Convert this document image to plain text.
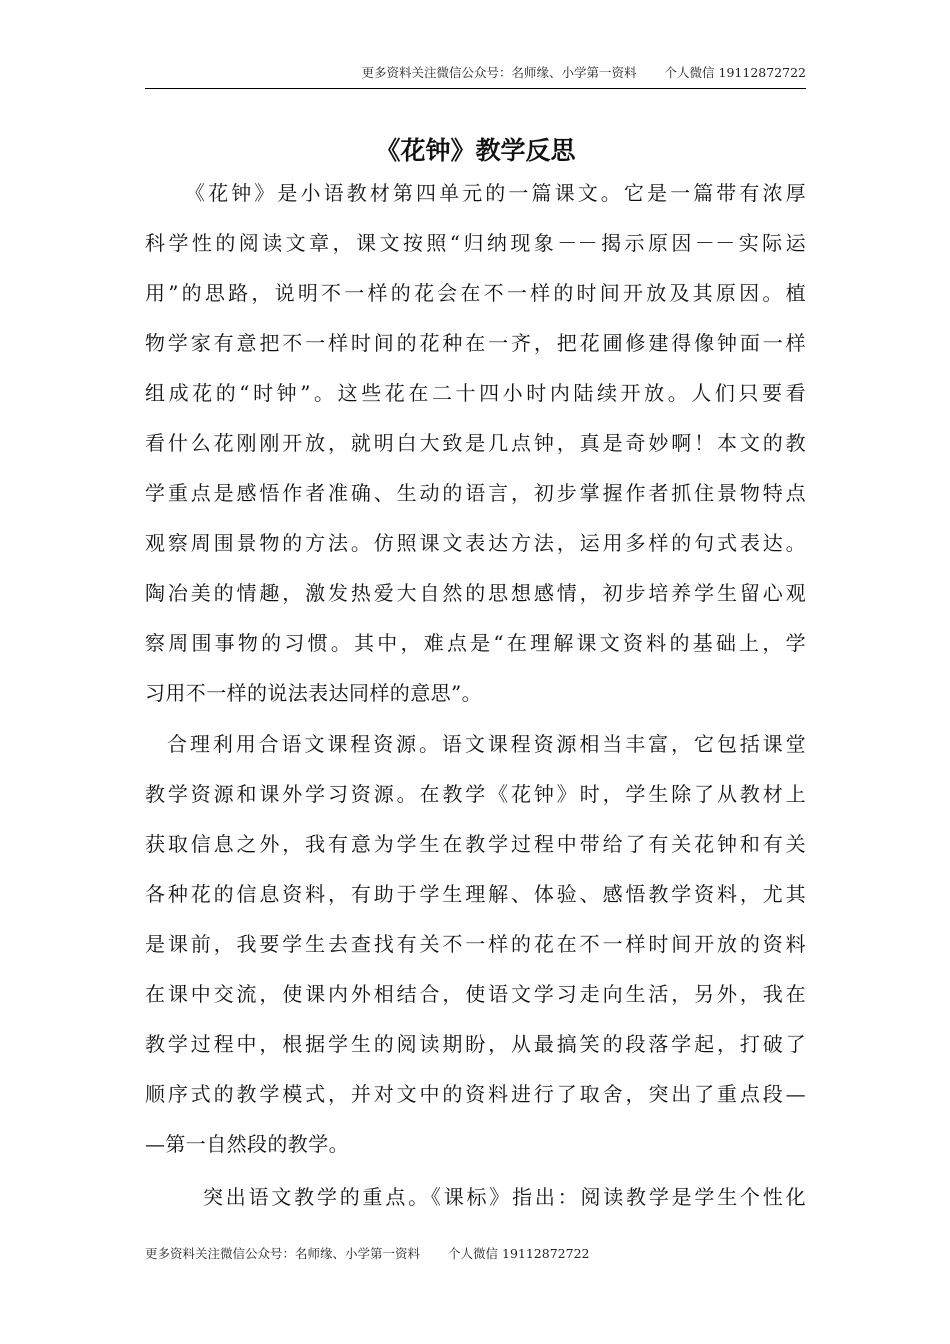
更多资料关注微信公众号：名师缘、小学第一资料 个人微信 19112872722
《花钟》教学反思
《花钟》是小语教材第四单元的一篇课文。它是一篇带有浓厚
科学性的阅读文章，课文按照“归纳现象－－揭示原因－－实际运
用”的思路，说明不一样的花会在不一样的时间开放及其原因。植
物学家有意把不一样时间的花种在一齐，把花圃修建得像钟面一样
组成花的“时钟”。这些花在二十四小时内陆续开放。人们只要看
看什么花刚刚开放，就明白大致是几点钟，真是奇妙啊！本文的教
学重点是感悟作者准确、生动的语言，初步掌握作者抓住景物特点
观察周围景物的方法。仿照课文表达方法，运用多样的句式表达。
陶冶美的情趣，激发热爱大自然的思想感情，初步培养学生留心观
察周围事物的习惯。其中，难点是“在理解课文资料的基础上，学
习用不一样的说法表达同样的意思”。
合理利用合语文课程资源。语文课程资源相当丰富，它包括课堂
教学资源和课外学习资源。在教学《花钟》时，学生除了从教材上
获取信息之外，我有意为学生在教学过程中带给了有关花钟和有关
各种花的信息资料，有助于学生理解、体验、感悟教学资料，尤其
是课前，我要学生去查找有关不一样的花在不一样时间开放的资料
在课中交流，使课内外相结合，使语文学习走向生活，另外，我在
教学过程中，根据学生的阅读期盼，从最搞笑的段落学起，打破了
顺序式的教学模式，并对文中的资料进行了取舍，突出了重点段—
—第一自然段的教学。
突出语文教学的重点。《课标》指出：阅读教学是学生个性化
更多资料关注微信公众号：名师缘、小学第一资料 个人微信 19112872722
